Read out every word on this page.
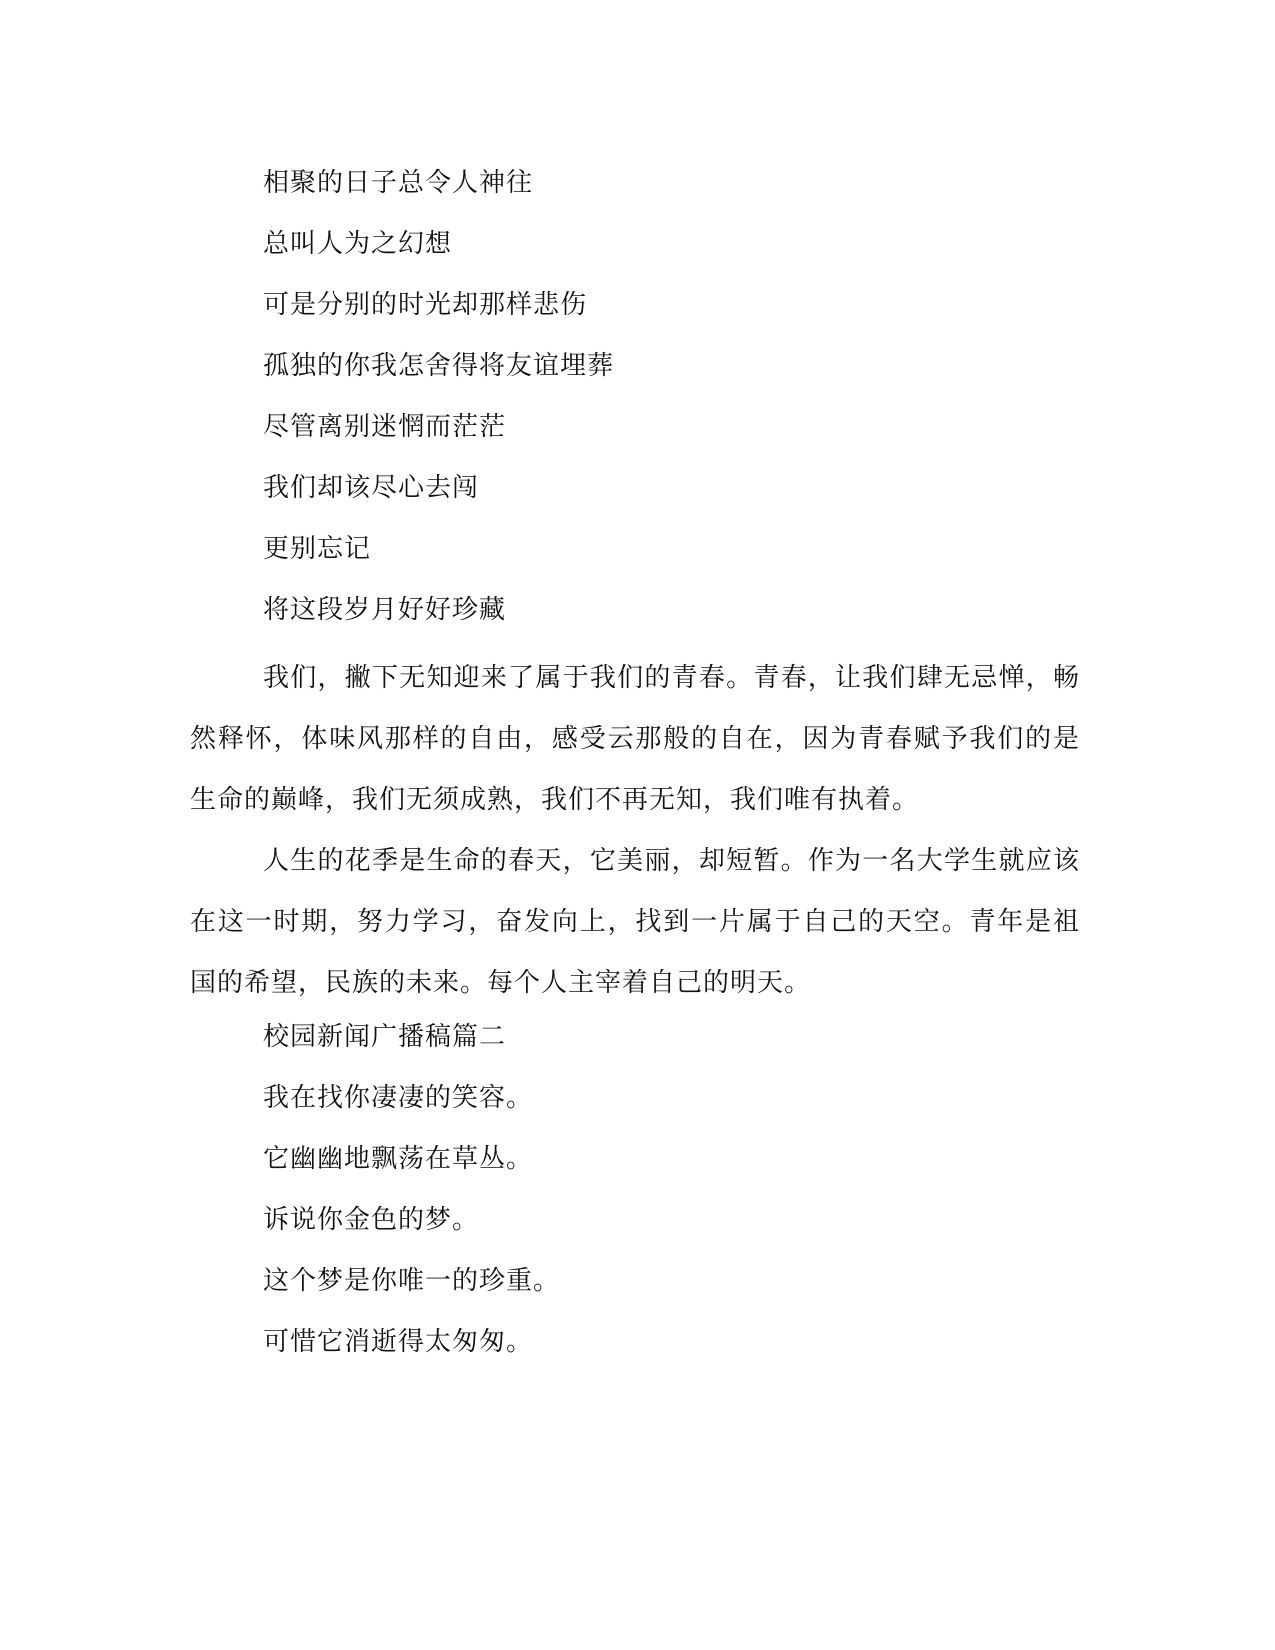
相聚的日子总令人神往
总叫人为之幻想
可是分别的时光却那样悲伤
孤独的你我怎舍得将友谊埋葬
尽管离别迷惘而茫茫
我们却该尽心去闯
更别忘记
将这段岁月好好珍藏

我们，撇下无知迎来了属于我们的青春。青春，让我们肆无忌惮，畅然释怀，体味风那样的自由，感受云那般的自在，因为青春赋予我们的是生命的巅峰，我们无须成熟，我们不再无知，我们唯有执着。

人生的花季是生命的春天，它美丽，却短暂。作为一名大学生就应该在这一时期，努力学习，奋发向上，找到一片属于自己的天空。青年是祖国的希望，民族的未来。每个人主宰着自己的明天。

校园新闻广播稿篇二
我在找你凄凄的笑容。
它幽幽地飘荡在草丛。
诉说你金色的梦。
这个梦是你唯一的珍重。
可惜它消逝得太匆匆。
